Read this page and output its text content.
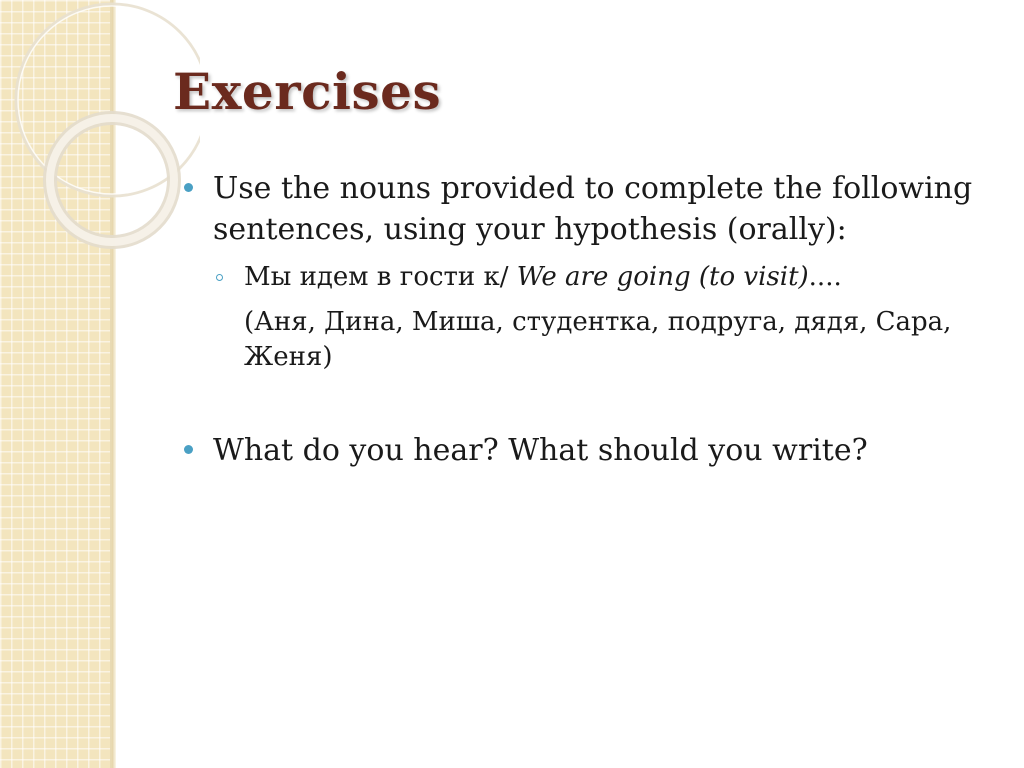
Exercises

Use the nouns provided to complete the following sentences, using your hypothesis (orally):

Мы идем в гости к/ We are going (to visit)....
(Аня, Дина, Миша, студентка, подруга, дядя, Сара, Женя)

What do you hear? What should you write?
